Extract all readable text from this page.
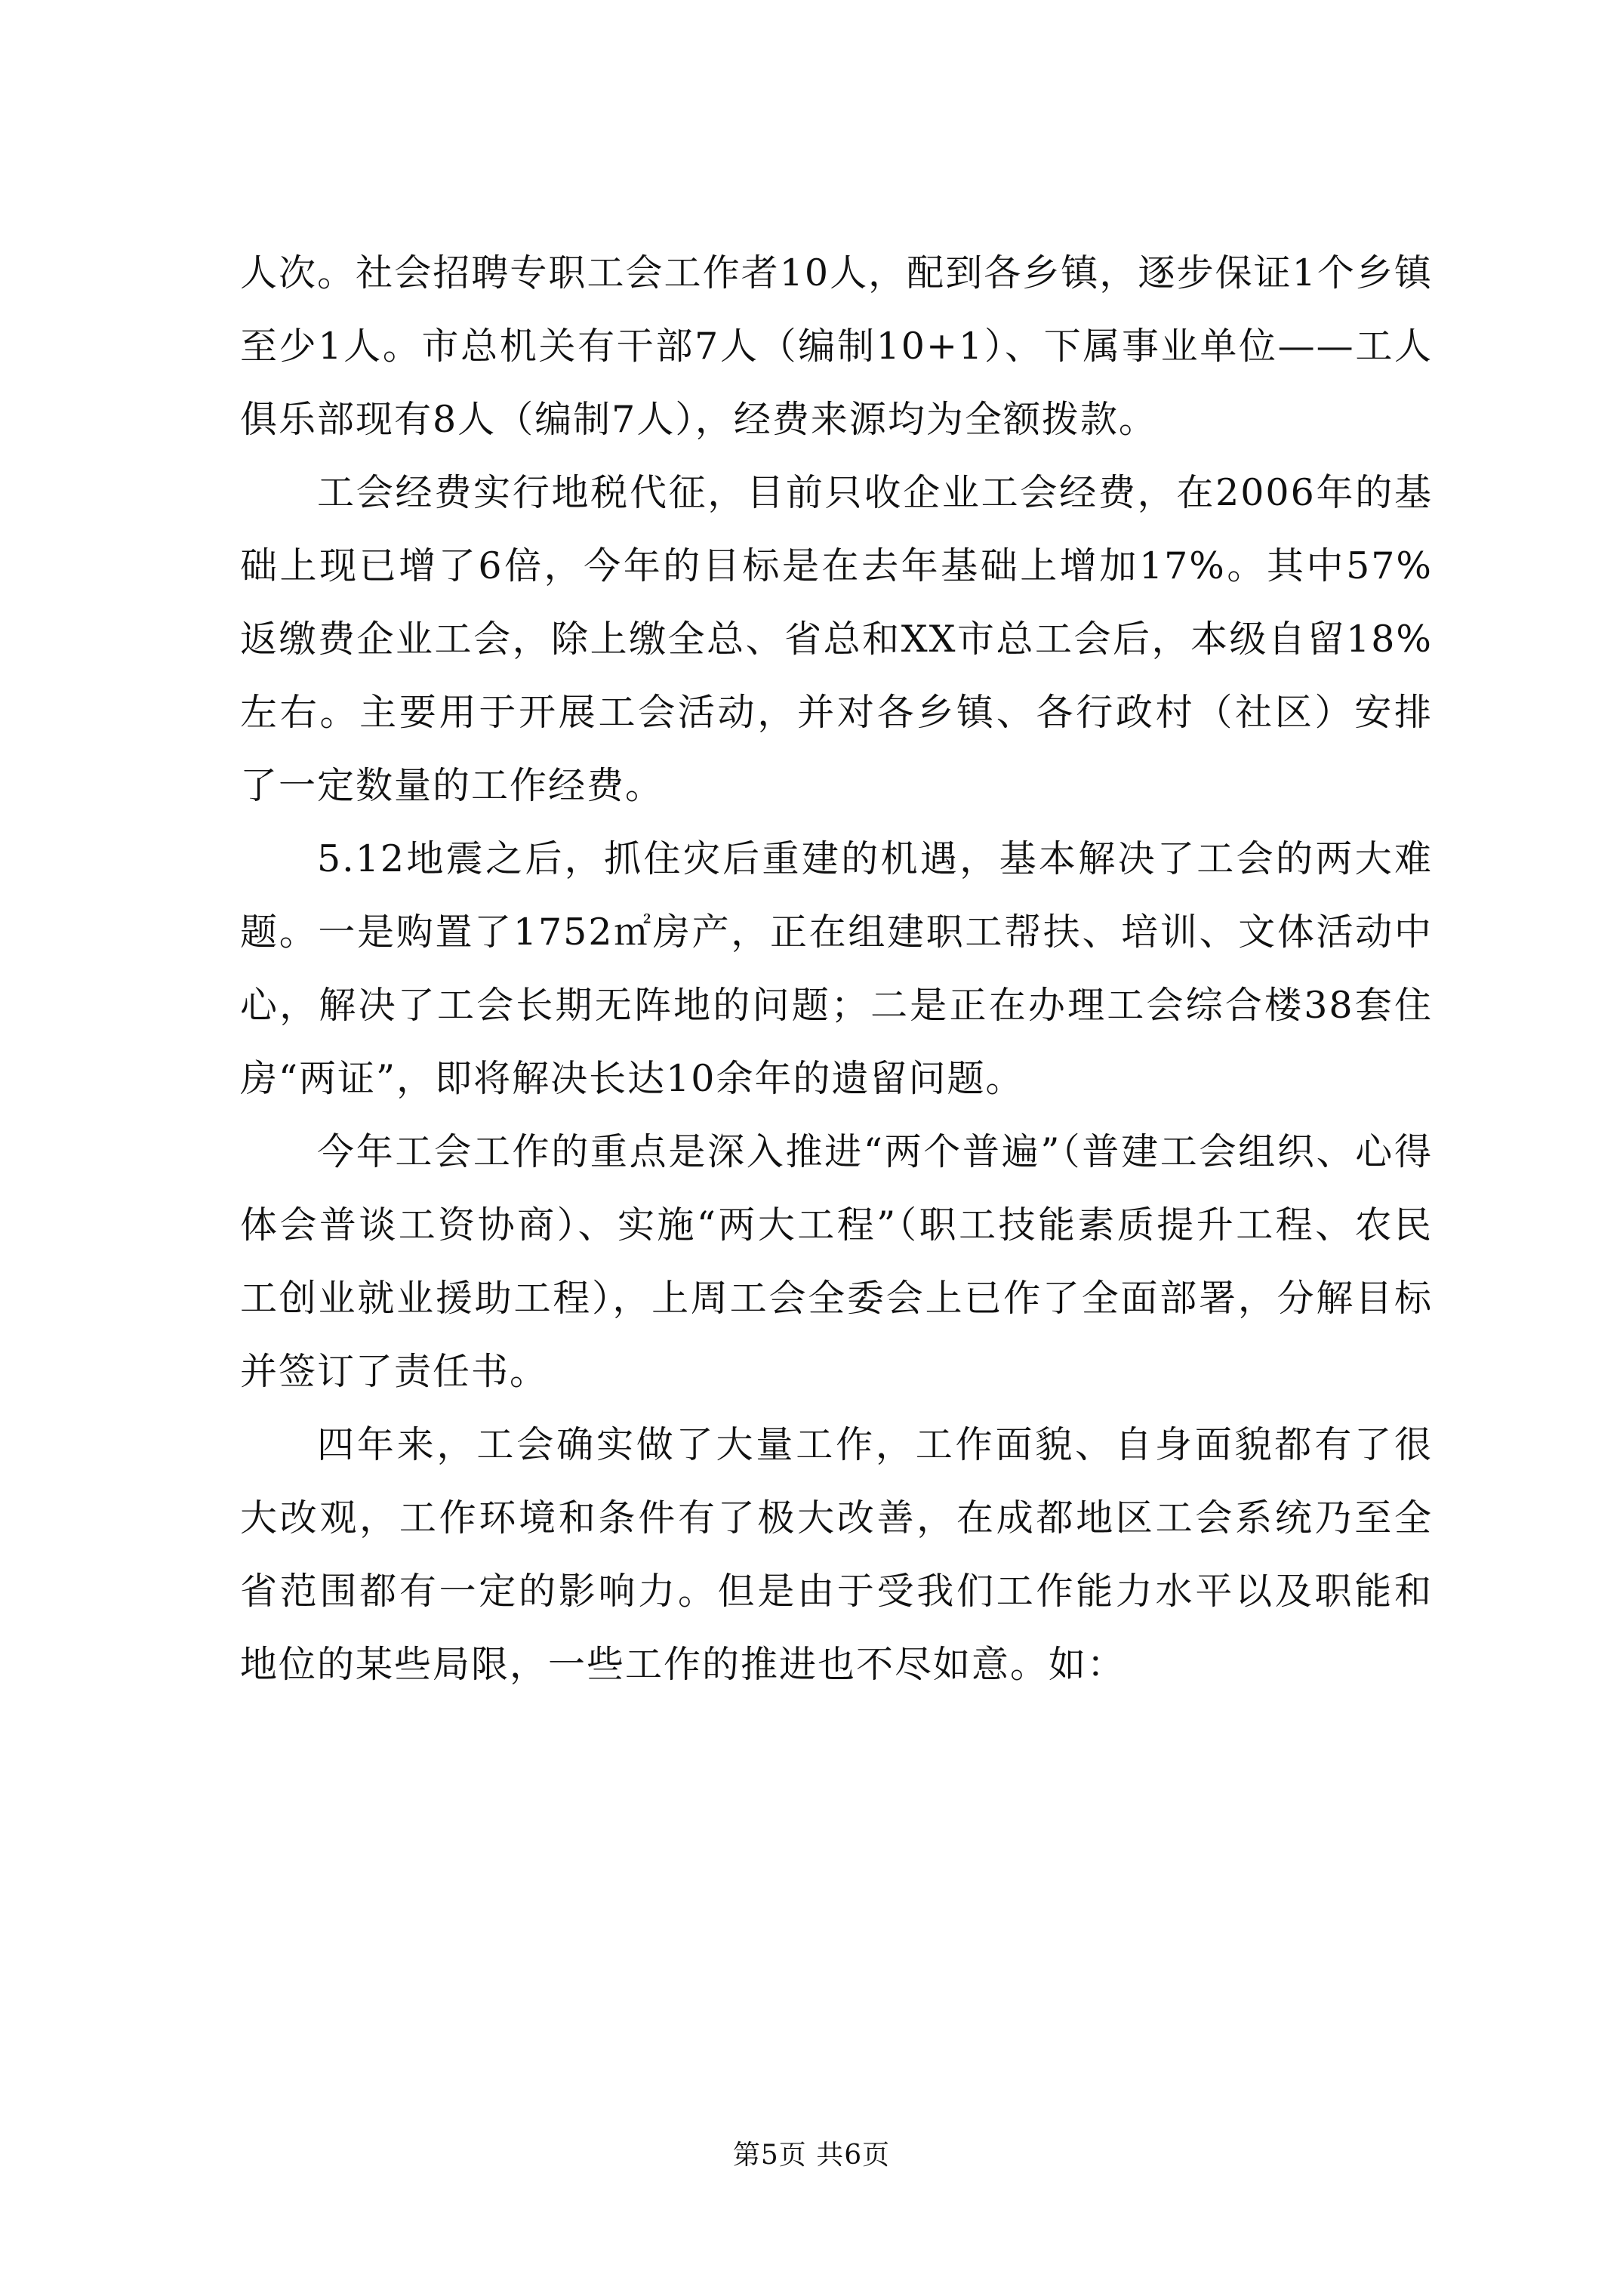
人次。社会招聘专职工会工作者10人，配到各乡镇，逐步保证1个乡镇至少1人。市总机关有干部7人（编制10+1）、下属事业单位——工人俱乐部现有8人（编制7人），经费来源均为全额拨款。

工会经费实行地税代征，目前只收企业工会经费，在2006年的基础上现已增了6倍，今年的目标是在去年基础上增加17%。其中57%返缴费企业工会，除上缴全总、省总和XX市总工会后，本级自留18%左右。主要用于开展工会活动，并对各乡镇、各行政村（社区）安排了一定数量的工作经费。

5.12地震之后，抓住灾后重建的机遇，基本解决了工会的两大难题。一是购置了1752㎡房产，正在组建职工帮扶、培训、文体活动中心，解决了工会长期无阵地的问题；二是正在办理工会综合楼38套住房“两证”，即将解决长达10余年的遗留问题。

今年工会工作的重点是深入推进“两个普遍”（普建工会组织、心得体会普谈工资协商）、实施“两大工程”（职工技能素质提升工程、农民工创业就业援助工程），上周工会全委会上已作了全面部署，分解目标并签订了责任书。

四年来，工会确实做了大量工作，工作面貌、自身面貌都有了很大改观，工作环境和条件有了极大改善，在成都地区工会系统乃至全省范围都有一定的影响力。但是由于受我们工作能力水平以及职能和地位的某些局限，一些工作的推进也不尽如意。如：

第5页 共6页
